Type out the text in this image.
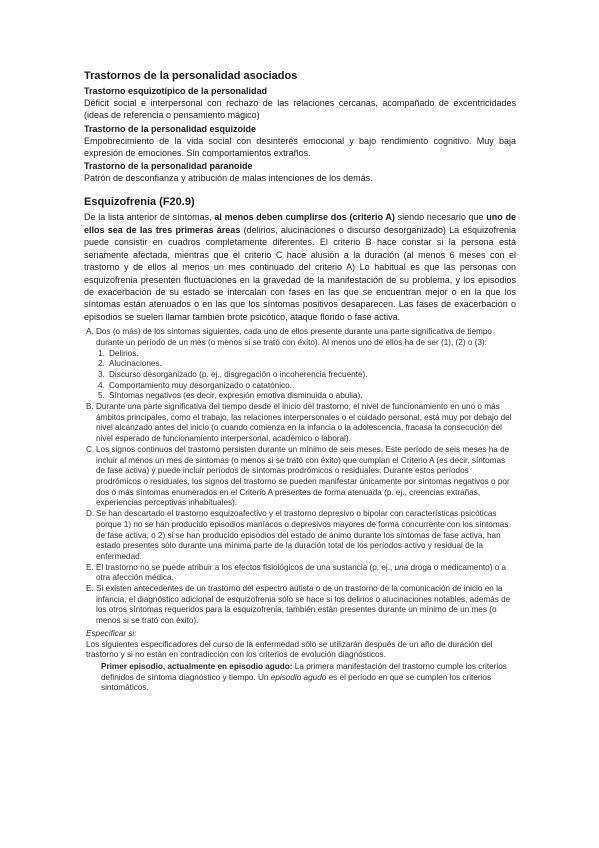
Trastornos de la personalidad asociados
Trastorno esquizotípico de la personalidad

Déficit social e interpersonal con rechazo de las relaciones cercanas, acompañado de excentricidades (ideas de referencia o pensamiento mágico)

Trastorno de la personalidad esquizoide

Empobrecimiento de la vida social con desinterés emocional y bajo rendimiento cognitivo. Muy baja expresión de emociones. Sin comportamientos extraños.

Trastorno de la personalidad paranoide

Patrón de desconfianza y atribución de malas intenciones de los demás.

Esquizofrenia (F20.9)

De la lista anterior de síntomas, al menos deben cumplirse dos (criterio A) siendo necesario que uno de ellos sea de las tres primeras áreas (delirios, alucinaciones o discurso desorganizado) La esquizofrenia puede consistir en cuadros completamente diferentes. El criterio B hace constar si la persona está seriamente afectada, mientras que el criterio C hace alusión a la duración (al menos 6 meses con el trastorno y de ellos al menos un mes continuado del criterio A) Lo habitual es que las personas con esquizofrenia presenten fluctuaciones en la gravedad de la manifestación de su problema, y los episodios de exacerbación de su estado se intercalan con fases en las que se encuentran mejor o en la que los síntomas están atenuados o en las que los síntomas positivos desaparecen. Las fases de exacerbación o episodios se suelen llamar también brote psicótico, ataque florido o fase activa.

A. Dos (o más) de los síntomas siguientes, cada uno de ellos presente durante una parte significativa de tiempo durante un período de un mes (o menos si se trató con éxito). Al menos uno de ellos ha de ser (1), (2) o (3):
1. Delirios.
2. Alucinaciones.
3. Discurso desorganizado (p. ej., disgregación o incoherencia frecuente).
4. Comportamiento muy desorganizado o catatónico.
5. Síntomas negativos (es decir, expresión emotiva disminuida o abulia).
B. Durante una parte significativa del tiempo desde el inicio del trastorno, el nivel de funcionamiento en uno o más ámbitos principales, como el trabajo, las relaciones interpersonales o el cuidado personal, está muy por debajo del nivel alcanzado antes del inicio (o cuando comienza en la infancia o la adolescencia, fracasa la consecución del nivel esperado de funcionamiento interpersonal, académico o laboral).
C. Los signos continuos del trastorno persisten durante un mínimo de seis meses. Este período de seis meses ha de incluir al menos un mes de síntomas (o menos si se trató con éxito) que cumplan el Criterio A (es decir, síntomas de fase activa) y puede incluir períodos de síntomas prodrómicos o residuales. Durante estos períodos prodrómicos o residuales, los signos del trastorno se pueden manifestar únicamente por síntomas negativos o por dos o más síntomas enumerados en el Criterio A presentes de forma atenuada (p. ej., creencias extrañas, experiencias perceptivas inhabituales).
D. Se han descartado el trastorno esquizoafectivo y el trastorno depresivo o bipolar con características psicóticas porque 1) no se han producido episodios maníacos o depresivos mayores de forma concurrente con los síntomas de fase activa, o 2) si se han producido episodios del estado de ánimo durante los síntomas de fase activa, han estado presentes sólo durante una mínima parte de la duración total de los períodos activo y residual de la enfermedad.
E. El trastorno no se puede atribuir a los efectos fisiológicos de una sustancia (p. ej., una droga o medicamento) o a otra afección médica.
E. Si existen antecedentes de un trastorno del espectro autista o de un trastorno de la comunicación de inicio en la infancia, el diagnóstico adicional de esquizofrenia sólo se hace si los delirios o alucinaciones notables, además de los otros síntomas requeridos para la esquizofrenia, también están presentes durante un mínimo de un mes (o menos si se trató con éxito).
Especificar si:
Los siguientes especificadores del curso de la enfermedad sólo se utilizarán después de un año de duración del trastorno y si no están en contradicción con los criterios de evolución diagnósticos.
Primer episodio, actualmente en episodio agudo: La primera manifestación del trastorno cumple los criterios definidos de síntoma diagnóstico y tiempo. Un episodio agudo es el período en que se cumplen los criterios sintomáticos.
